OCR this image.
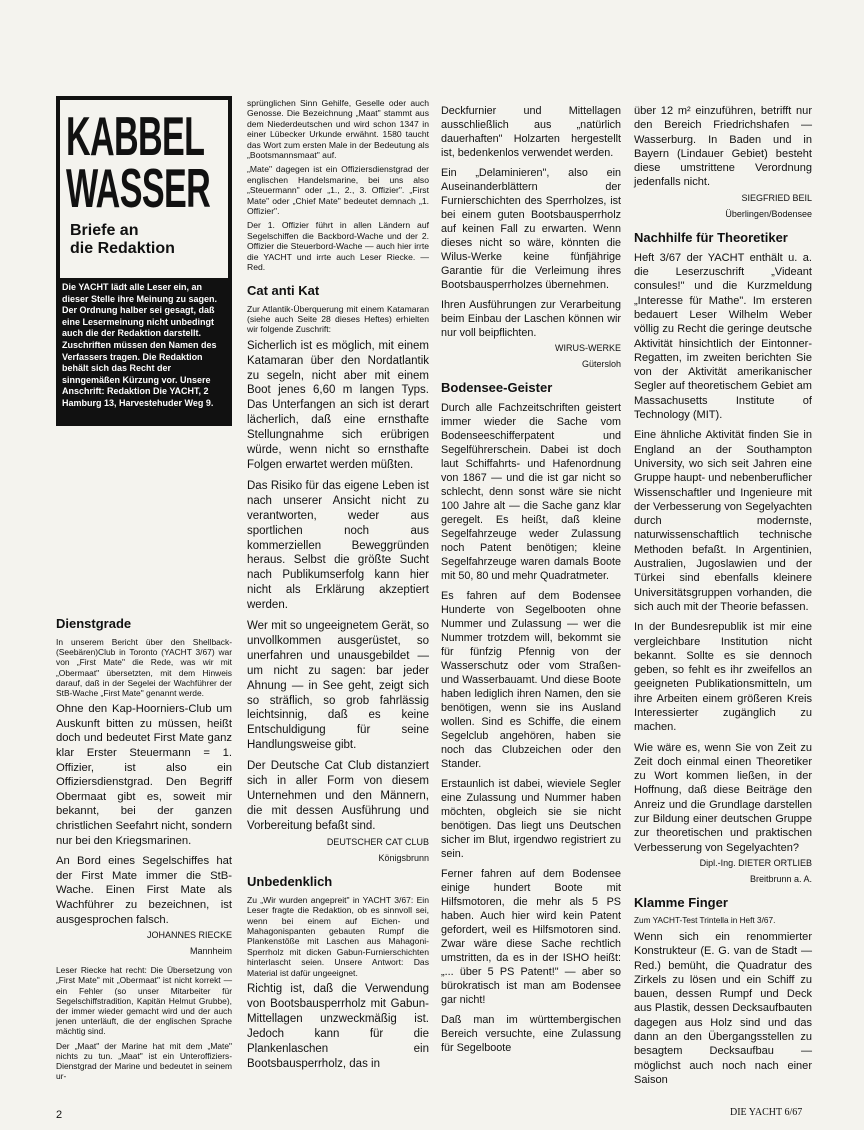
KABBEL
WASSER
Briefe an
die Redaktion
Die YACHT lädt alle Leser ein, an dieser Stelle ihre Meinung zu sagen. Der Ordnung halber sei gesagt, daß eine Lesermeinung nicht unbedingt auch die der Redaktion darstellt. Zuschriften müssen den Namen des Verfassers tragen. Die Redaktion behält sich das Recht der sinngemäßen Kürzung vor. Unsere Anschrift: Redaktion Die YACHT, 2 Hamburg 13, Harvestehuder Weg 9.
Dienstgrade
In unserem Bericht über den Shellback-(Seebären)Club in Toronto (YACHT 3/67) war von „First Mate" die Rede, was wir mit „Obermaat" übersetzten, mit dem Hinweis darauf, daß in der Segelei der Wachführer der StB-Wache „First Mate" genannt werde.
Ohne den Kap-Hoorniers-Club um Auskunft bitten zu müssen, heißt doch und bedeutet First Mate ganz klar Erster Steuermann = 1. Offizier, ist also ein Offiziersdienstgrad. Den Begriff Obermaat gibt es, soweit mir bekannt, bei der ganzen christlichen Seefahrt nicht, sondern nur bei den Kriegsmarinen.
An Bord eines Segelschiffes hat der First Mate immer die StB-Wache. Einen First Mate als Wachführer zu bezeichnen, ist ausgesprochen falsch.
JOHANNES RIECKE
Mannheim
Leser Riecke hat recht: Die Übersetzung von „First Mate" mit „Obermaat" ist nicht korrekt — ein Fehler (so unser Mitarbeiter für Segelschiffstradition, Kapitän Helmut Grubbe), der immer wieder gemacht wird und der auch jenen unterläuft, die der englischen Sprache mächtig sind.
Der „Maat" der Marine hat mit dem „Mate" nichts zu tun. „Maat" ist ein Unteroffiziers-Dienstgrad der Marine und bedeutet in seinem ur-
sprünglichen Sinn Gehilfe, Geselle oder auch Genosse. Die Bezeichnung „Maat" stammt aus dem Niederdeutschen und wird schon 1347 in einer Lübecker Urkunde erwähnt. 1580 taucht das Wort zum ersten Male in der Bedeutung als „Bootsmannsmaat" auf.
„Mate" dagegen ist ein Offiziersdienstgrad der englischen Handelsmarine, bei uns also „Steuermann" oder „1., 2., 3. Offizier". „First Mate" oder „Chief Mate" bedeutet demnach „1. Offizier".
Der 1. Offizier führt in allen Ländern auf Segelschiffen die Backbord-Wache und der 2. Offizier die Steuerbord-Wache — auch hier irrte die YACHT und irrte auch Leser Riecke. — Red.
Cat anti Kat
Zur Atlantik-Überquerung mit einem Katamaran (siehe auch Seite 28 dieses Heftes) erhielten wir folgende Zuschrift:
Sicherlich ist es möglich, mit einem Katamaran über den Nordatlantik zu segeln, nicht aber mit einem Boot jenes 6,60 m langen Typs. Das Unterfangen an sich ist derart lächerlich, daß eine ernsthafte Stellungnahme sich erübrigen würde, wenn nicht so ernsthafte Folgen erwartet werden müßten.
Das Risiko für das eigene Leben ist nach unserer Ansicht nicht zu verantworten, weder aus sportlichen noch aus kommerziellen Beweggründen heraus. Selbst die größte Sucht nach Publikumserfolg kann hier nicht als Erklärung akzeptiert werden.
Wer mit so ungeeignetem Gerät, so unvollkommen ausgerüstet, so unerfahren und unausgebildet — um nicht zu sagen: bar jeder Ahnung — in See geht, zeigt sich so sträflich, so grob fahrlässig leichtsinnig, daß es keine Entschuldigung für seine Handlungsweise gibt.
Der Deutsche Cat Club distanziert sich in aller Form von diesem Unternehmen und den Männern, die mit dessen Ausführung und Vorbereitung befaßt sind.
DEUTSCHER CAT CLUB
Königsbrunn
Unbedenklich
Zu „Wir wurden angepreit" in YACHT 3/67: Ein Leser fragte die Redaktion, ob es sinnvoll sei, wenn bei einem auf Eichen- und Mahagonispanten gebauten Rumpf die Plankenstöße mit Laschen aus Mahagoni-Sperrholz mit dicken Gabun-Furnierschichten hinterlascht seien. Unsere Antwort: Das Material ist dafür ungeeignet.
Richtig ist, daß die Verwendung von Bootsbausperrholz mit Gabun-Mittellagen unzweckmäßig ist. Jedoch kann für die Plankenlaschen ein Bootsbausperrholz, das in
Deckfurnier und Mittellagen ausschließlich aus „natürlich dauerhaften" Holzarten hergestellt ist, bedenkenlos verwendet werden.
Ein „Delaminieren", also ein Auseinanderblättern der Furnierschichten des Sperrholzes, ist bei einem guten Bootsbausperrholz auf keinen Fall zu erwarten. Wenn dieses nicht so wäre, könnten die Wilus-Werke keine fünfjährige Garantie für die Verleimung ihres Bootsbausperrholzes übernehmen.
Ihren Ausführungen zur Verarbeitung beim Einbau der Laschen können wir nur voll beipflichten.
WIRUS-WERKE
Gütersloh
Bodensee-Geister
Durch alle Fachzeitschriften geistert immer wieder die Sache vom Bodenseeschifferpatent und Segelführerschein. Dabei ist doch laut Schiffahrts- und Hafenordnung von 1867 — und die ist gar nicht so schlecht, denn sonst wäre sie nicht 100 Jahre alt — die Sache ganz klar geregelt. Es heißt, daß kleine Segelfahrzeuge weder Zulassung noch Patent benötigen; kleine Segelfahrzeuge waren damals Boote mit 50, 80 und mehr Quadratmeter.
Es fahren auf dem Bodensee Hunderte von Segelbooten ohne Nummer und Zulassung — wer die Nummer trotzdem will, bekommt sie für fünfzig Pfennig von der Wasserschutz oder vom Straßen- und Wasserbauamt. Und diese Boote haben lediglich ihren Namen, den sie benötigen, wenn sie ins Ausland wollen. Sind es Schiffe, die einem Segelclub angehören, haben sie noch das Clubzeichen oder den Stander.
Erstaunlich ist dabei, wieviele Segler eine Zulassung und Nummer haben möchten, obgleich sie sie nicht benötigen. Das liegt uns Deutschen sicher im Blut, irgendwo registriert zu sein.
Ferner fahren auf dem Bodensee einige hundert Boote mit Hilfsmotoren, die mehr als 5 PS haben. Auch hier wird kein Patent gefordert, weil es Hilfsmotoren sind. Zwar wäre diese Sache rechtlich umstritten, da es in der ISHO heißt: „... über 5 PS Patent!" — aber so bürokratisch ist man am Bodensee gar nicht!
Daß man im württembergischen Bereich versuchte, eine Zulassung für Segelboote
über 12 m² einzuführen, betrifft nur den Bereich Friedrichshafen — Wasserburg. In Baden und in Bayern (Lindauer Gebiet) besteht diese umstrittene Verordnung jedenfalls nicht.
SIEGFRIED BEIL
Überlingen/Bodensee
Nachhilfe für Theoretiker
Heft 3/67 der YACHT enthält u. a. die Leserzuschrift „Videant consules!" und die Kurzmeldung „Interesse für Mathe". Im ersteren bedauert Leser Wilhelm Weber völlig zu Recht die geringe deutsche Aktivität hinsichtlich der Eintonner-Regatten, im zweiten berichten Sie von der Aktivität amerikanischer Segler auf theoretischem Gebiet am Massachusetts Institute of Technology (MIT).
Eine ähnliche Aktivität finden Sie in England an der Southampton University, wo sich seit Jahren eine Gruppe haupt- und nebenberuflicher Wissenschaftler und Ingenieure mit der Verbesserung von Segelyachten durch modernste, naturwissenschaftlich technische Methoden befaßt. In Argentinien, Australien, Jugoslawien und der Türkei sind ebenfalls kleinere Universitätsgruppen vorhanden, die sich auch mit der Theorie befassen.
In der Bundesrepublik ist mir eine vergleichbare Institution nicht bekannt. Sollte es sie dennoch geben, so fehlt es ihr zweifellos an geeigneten Publikationsmitteln, um ihre Arbeiten einem größeren Kreis Interessierter zugänglich zu machen.
Wie wäre es, wenn Sie von Zeit zu Zeit doch einmal einen Theoretiker zu Wort kommen ließen, in der Hoffnung, daß diese Beiträge den Anreiz und die Grundlage darstellen zur Bildung einer deutschen Gruppe zur theoretischen und praktischen Verbesserung von Segelyachten?
Dipl.-Ing. DIETER ORTLIEB
Breitbrunn a. A.
Klamme Finger
Zum YACHT-Test Trintella in Heft 3/67.
Wenn sich ein renommierter Konstrukteur (E. G. van de Stadt — Red.) bemüht, die Quadratur des Zirkels zu lösen und ein Schiff zu bauen, dessen Rumpf und Deck aus Plastik, dessen Decksaufbauten dagegen aus Holz sind und das dann an den Übergangsstellen zu besagtem Decksaufbau — möglichst auch noch nach einer Saison
2	DIE YACHT 6/67
